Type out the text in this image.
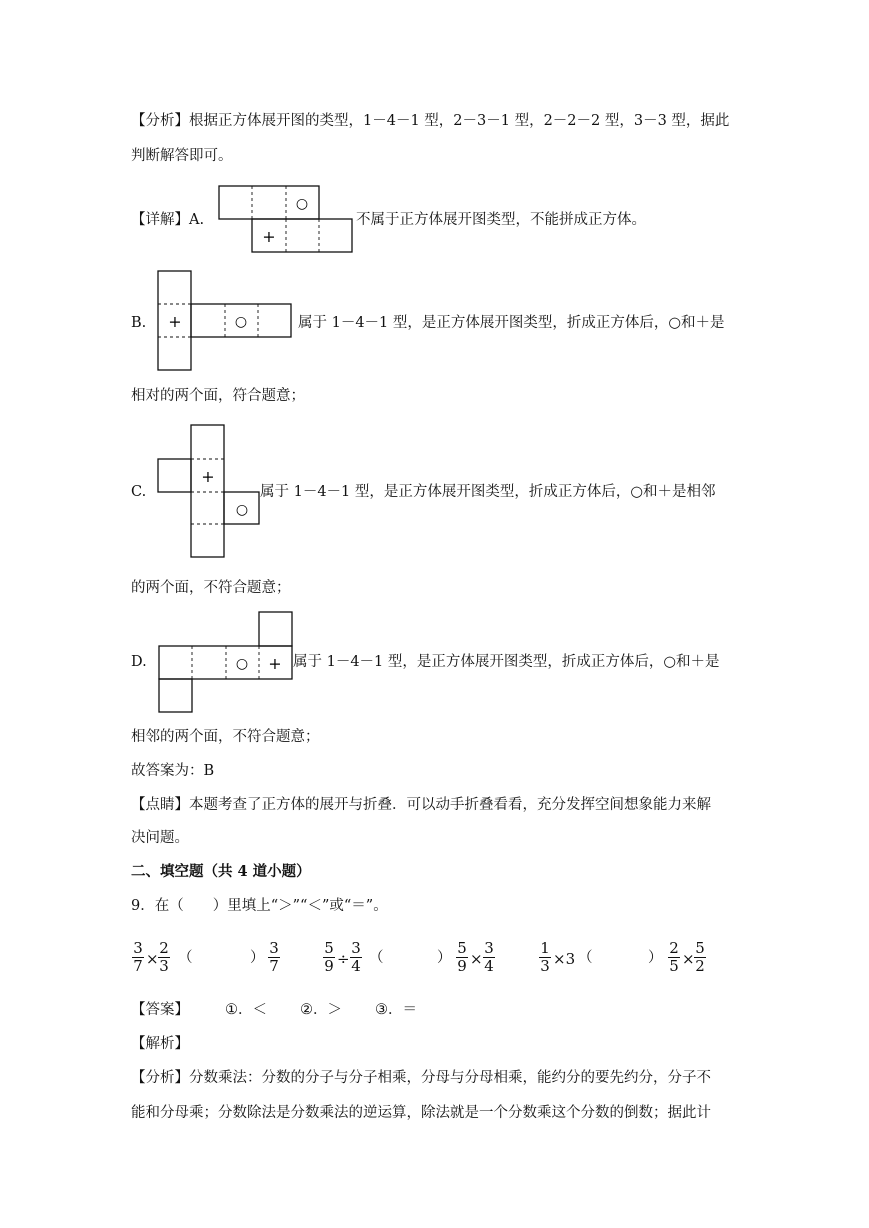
【分析】根据正方体展开图的类型，1－4－1 型，2－3－1 型，2－2－2 型，3－3 型，据此
判断解答即可。
【详解】A.
○
+
不属于正方体展开图类型，不能拼成正方体。
B. +	○	属于 1－4－1 型，是正方体展开图类型，折成正方体后，○和＋是
相对的两个面，符合题意；
C.
+
○
属于 1－4－1 型，是正方体展开图类型，折成正方体后，○和＋是相邻
的两个面，不符合题意；
D.	○ + 属于 1－4－1 型，是正方体展开图类型，折成正方体后，○和＋是
相邻的两个面，不符合题意；
故答案为：B
【点睛】本题考查了正方体的展开与折叠．可以动手折叠看看，充分发挥空间想象能力来解
决问题。
二、填空题（共 4 道小题）
9．在（　　）里填上“＞”“＜”或“＝”。
3
7 ×
2
3 （	）
3
7
5
9 ÷
3
4 （	）
5
9 ×
3
4
1
3 ×3 （	）
2
5 ×
5
2
【答案】 ①．＜ ②．＞ ③．＝
【解析】
【分析】分数乘法：分数的分子与分子相乘，分母与分母相乘，能约分的要先约分，分子不
能和分母乘；分数除法是分数乘法的逆运算，除法就是一个分数乘这个分数的倒数；据此计
